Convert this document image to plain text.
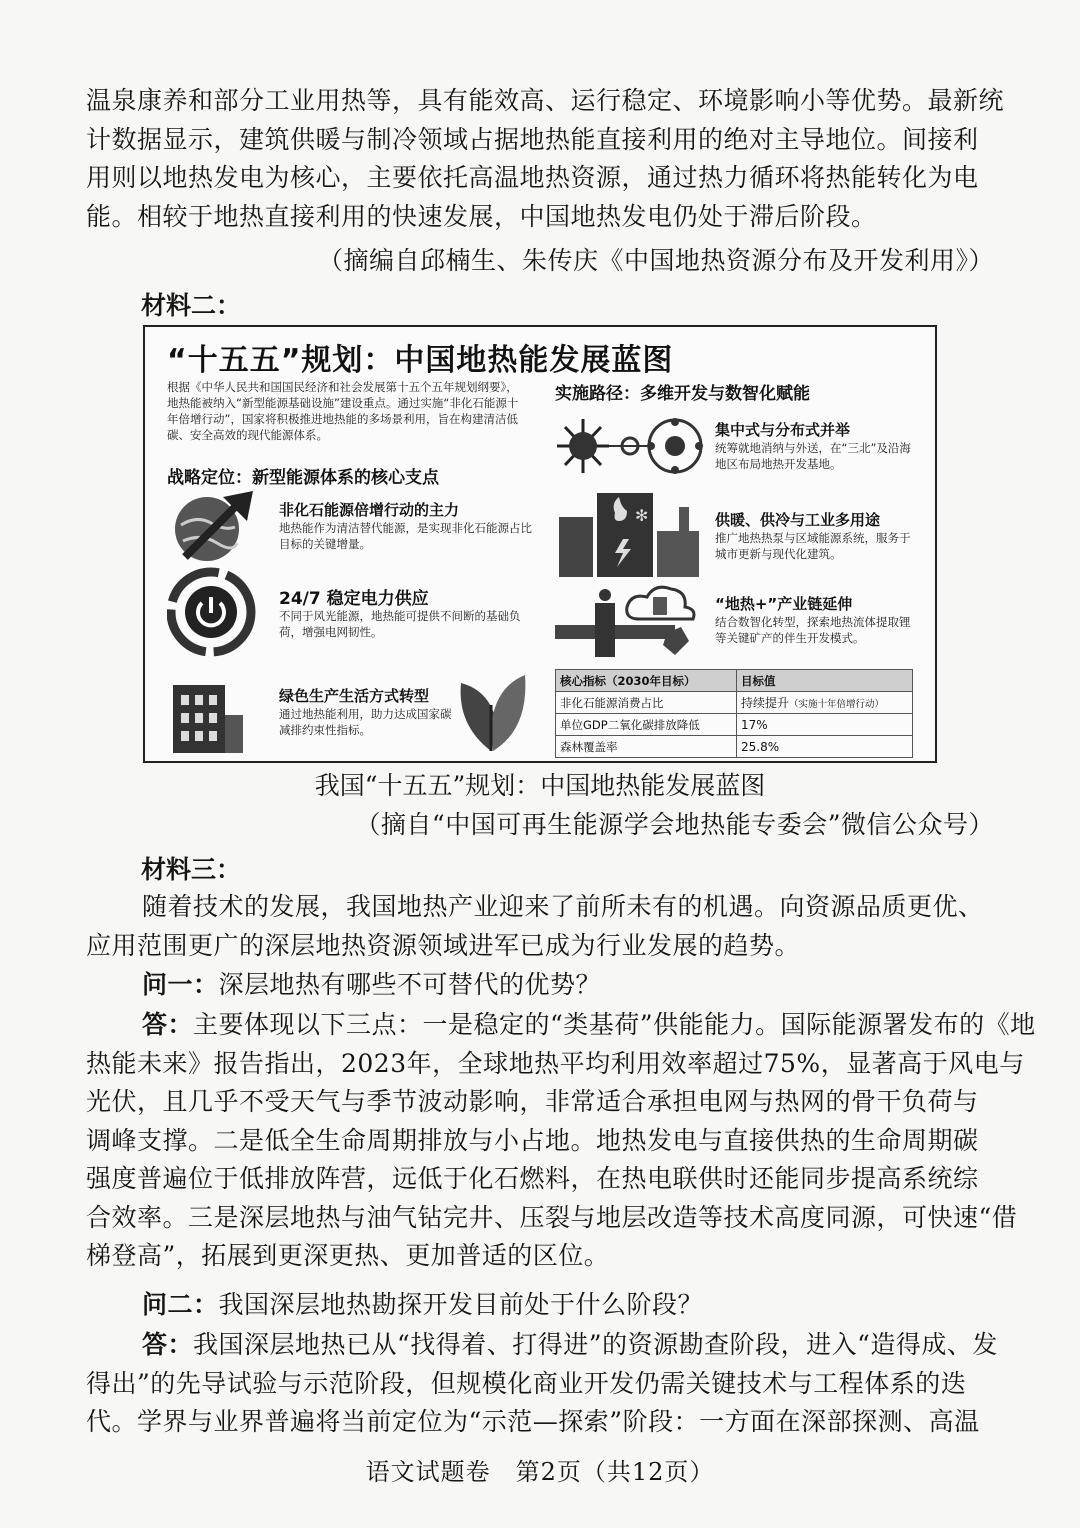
温泉康养和部分工业用热等，具有能效高、运行稳定、环境影响小等优势。最新统
计数据显示，建筑供暖与制冷领域占据地热能直接利用的绝对主导地位。间接利
用则以地热发电为核心，主要依托高温地热资源，通过热力循环将热能转化为电
能。相较于地热直接利用的快速发展，中国地热发电仍处于滞后阶段。
（摘编自邱楠生、朱传庆《中国地热资源分布及开发利用》）
材料二：
“十五五”规划：中国地热能发展蓝图
根据《中华人民共和国国民经济和社会发展第十五个五年规划纲要》，地热能被纳入“新型能源基础设施”建设重点。通过实施“非化石能源十年倍增行动”，国家将积极推进地热能的多场景利用，旨在构建清洁低碳、安全高效的现代能源体系。
战略定位：新型能源体系的核心支点
非化石能源倍增行动的主力
地热能作为清洁替代能源，是实现非化石能源占比目标的关键增量。
24/7 稳定电力供应
不同于风光能源，地热能可提供不间断的基础负荷，增强电网韧性。
绿色生产生活方式转型
通过地热能利用，助力达成国家碳减排约束性指标。
实施路径：多维开发与数智化赋能
集中式与分布式并举
统筹就地消纳与外送，在“三北”及沿海地区布局地热开发基地。
✻	供暖、供冷与工业多用途
推广地热热泵与区域能源系统，服务于城市更新与现代化建筑。
“地热+”产业链延伸
结合数智化转型，探索地热流体提取锂等关键矿产的伴生开发模式。
核心指标（2030年目标）	目标值
非化石能源消费占比	持续提升（实施十年倍增行动）
单位GDP二氧化碳排放降低	17%
森林覆盖率	25.8%
我国“十五五”规划：中国地热能发展蓝图
（摘自“中国可再生能源学会地热能专委会”微信公众号）
材料三：
随着技术的发展，我国地热产业迎来了前所未有的机遇。向资源品质更优、
应用范围更广的深层地热资源领域进军已成为行业发展的趋势。
问一：深层地热有哪些不可替代的优势？
答：主要体现以下三点：一是稳定的“类基荷”供能能力。国际能源署发布的《地
热能未来》报告指出，2023年，全球地热平均利用效率超过75%，显著高于风电与
光伏，且几乎不受天气与季节波动影响，非常适合承担电网与热网的骨干负荷与
调峰支撑。二是低全生命周期排放与小占地。地热发电与直接供热的生命周期碳
强度普遍位于低排放阵营，远低于化石燃料，在热电联供时还能同步提高系统综
合效率。三是深层地热与油气钻完井、压裂与地层改造等技术高度同源，可快速“借
梯登高”，拓展到更深更热、更加普适的区位。
问二：我国深层地热勘探开发目前处于什么阶段？
答：我国深层地热已从“找得着、打得进”的资源勘查阶段，进入“造得成、发
得出”的先导试验与示范阶段，但规模化商业开发仍需关键技术与工程体系的迭
代。学界与业界普遍将当前定位为“示范—探索”阶段：一方面在深部探测、高温
语文试题卷　第2页（共12页）
